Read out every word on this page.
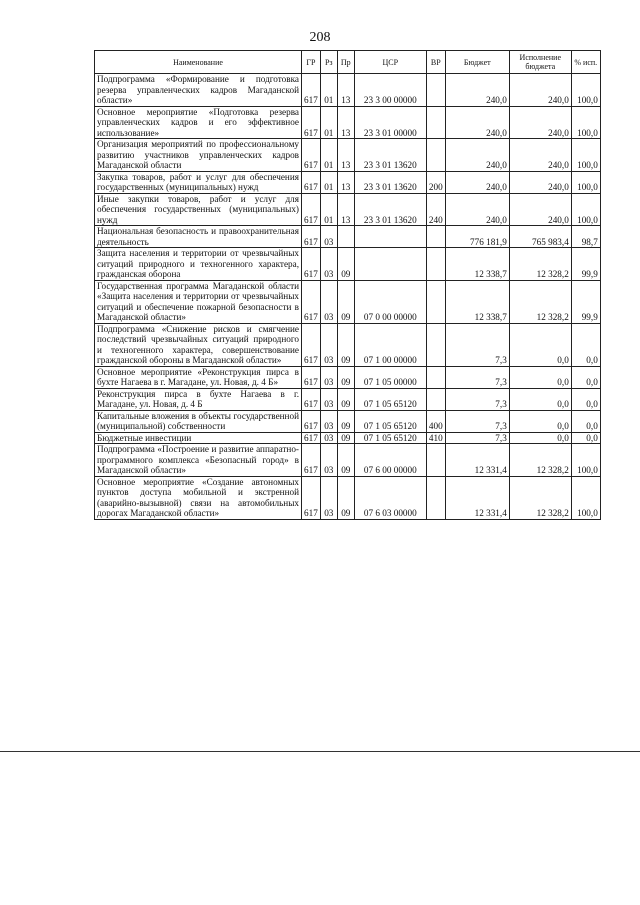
208
Наименование	ГР	Рз	Пр	ЦСР	ВР	Бюджет	Исполнение бюджета	% исп.
Подпрограмма «Формирование и подготовка резерва управленческих кадров Магаданской области»	617	01	13	23 3 00 00000		240,0	240,0	100,0
Основное мероприятие «Подготовка резерва управленческих кадров и его эффективное использование»	617	01	13	23 3 01 00000		240,0	240,0	100,0
Организация мероприятий по профессиональному развитию участников управленческих кадров Магаданской области	617	01	13	23 3 01 13620		240,0	240,0	100,0
Закупка товаров, работ и услуг для обеспечения государственных (муниципальных) нужд	617	01	13	23 3 01 13620	200	240,0	240,0	100,0
Иные закупки товаров, работ и услуг для обеспечения государственных (муниципальных) нужд	617	01	13	23 3 01 13620	240	240,0	240,0	100,0
Национальная безопасность и правоохранительная деятельность	617	03				776 181,9	765 983,4	98,7
Защита населения и территории от чрезвычайных ситуаций природного и техногенного характера, гражданская оборона	617	03	09			12 338,7	12 328,2	99,9
Государственная программа Магаданской области «Защита населения и территории от чрезвычайных ситуаций и обеспечение пожарной безопасности в Магаданской области»	617	03	09	07 0 00 00000		12 338,7	12 328,2	99,9
Подпрограмма «Снижение рисков и смягчение последствий чрезвычайных ситуаций природного и техногенного характера, совершенствование гражданской обороны в Магаданской области»	617	03	09	07 1 00 00000		7,3	0,0	0,0
Основное мероприятие «Реконструкция пирса в бухте Нагаева в г. Магадане, ул. Новая, д. 4 Б»	617	03	09	07 1 05 00000		7,3	0,0	0,0
Реконструкция пирса в бухте Нагаева в г. Магадане, ул. Новая, д. 4 Б	617	03	09	07 1 05 65120		7,3	0,0	0,0
Капитальные вложения в объекты государственной (муниципальной) собственности	617	03	09	07 1 05 65120	400	7,3	0,0	0,0
Бюджетные инвестиции	617	03	09	07 1 05 65120	410	7,3	0,0	0,0
Подпрограмма «Построение и развитие аппаратно-программного комплекса «Безопасный город» в Магаданской области»	617	03	09	07 6 00 00000		12 331,4	12 328,2	100,0
Основное мероприятие «Создание автономных пунктов доступа мобильной и экстренной (аварийно-вызывной) связи на автомобильных дорогах Магаданской области»	617	03	09	07 6 03 00000		12 331,4	12 328,2	100,0
